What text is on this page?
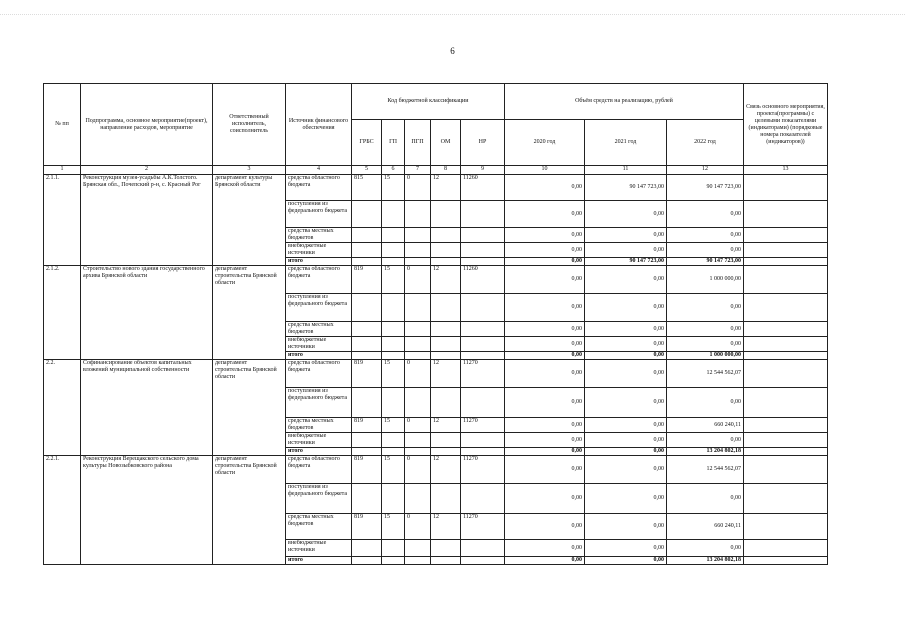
6
№ пп	Подпрограмма, основное мероприятие(проект), направление расходов, мероприятие	Ответственный исполнитель, соисполнитель	Источник финансового обеспечения	Код бюджетной классификации					Объём средств на реализацию, рублей			Связь основного мероприятия, проекта(программы) с целевыми показателями (индикаторами) (порядковые номера показателей (индикаторов))
				ГРБС	ГП	ПГП	ОМ	НР	2020 год	2021 год	2022 год	
1	2	3	4	5	6	7	8	9	10	11	12	13
2.1.1.	Реконструкция музея-усадьбы А.К.Толстого. Брянская обл., Почепский р-н, с. Красный Рог	департамент культуры Брянской области	средства областного бюджета	815	15	0	12	11260	0,00	90 147 723,00	90 147 723,00	
			поступления из федерального бюджета						0,00	0,00	0,00	
			средства местных бюджетов						0,00	0,00	0,00	
			внебюджетные источники						0,00	0,00	0,00	
			итого						0,00	90 147 723,00	90 147 723,00	
2.1.2.	Строительство нового здания государственного архива Брянской области	департамент строительства Брянской области	средства областного бюджета	819	15	0	12	11260	0,00	0,00	1 000 000,00	
			поступления из федерального бюджета						0,00	0,00	0,00	
			средства местных бюджетов						0,00	0,00	0,00	
			внебюджетные источники						0,00	0,00	0,00	
			итого						0,00	0,00	1 000 000,00	
2.2.	Софинансирование объектов капитальных вложений муниципальной собственности	департамент строительства Брянской области	средства областного бюджета	819	15	0	12	11270	0,00	0,00	12 544 562,07	
			поступления из федерального бюджета						0,00	0,00	0,00	
			средства местных бюджетов	819	15	0	12	11270	0,00	0,00	660 240,11	
			внебюджетные источники						0,00	0,00	0,00	
			итого						0,00	0,00	13 204 802,18	
2.2.1.	Реконструкция Верещакского сельского дома культуры Новозыбковского района	департамент строительства Брянской области	средства областного бюджета	819	15	0	12	11270	0,00	0,00	12 544 562,07	
			поступления из федерального бюджета						0,00	0,00	0,00	
			средства местных бюджетов	819	15	0	12	11270	0,00	0,00	660 240,11	
			внебюджетные источники						0,00	0,00	0,00	
			итого						0,00	0,00	13 204 802,18	
